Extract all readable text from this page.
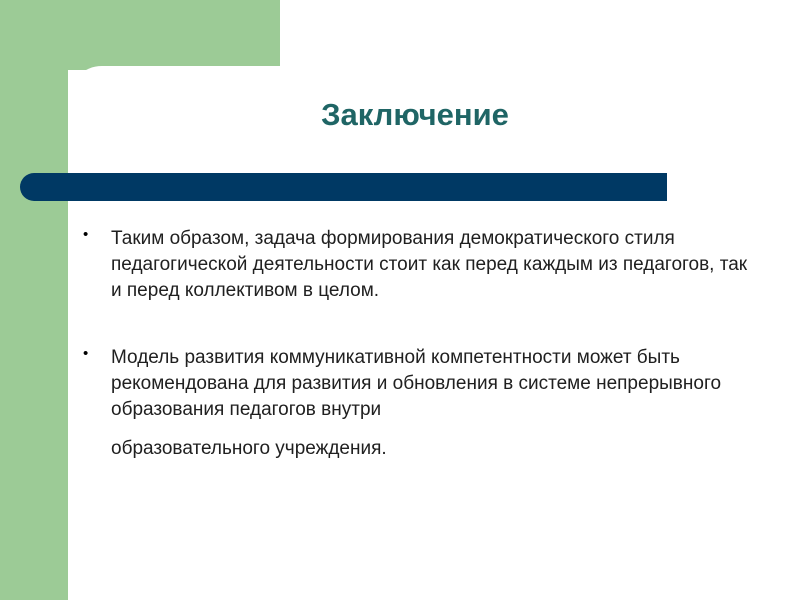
Заключение
• Таким образом, задача формирования демократического стиля педагогической деятельности стоит как перед каждым из педагогов, так и перед коллективом в целом.
• Модель развития коммуникативной компетентности может быть рекомендована для развития и обновления в системе непрерывного образования педагогов внутри
образовательного учреждения.
